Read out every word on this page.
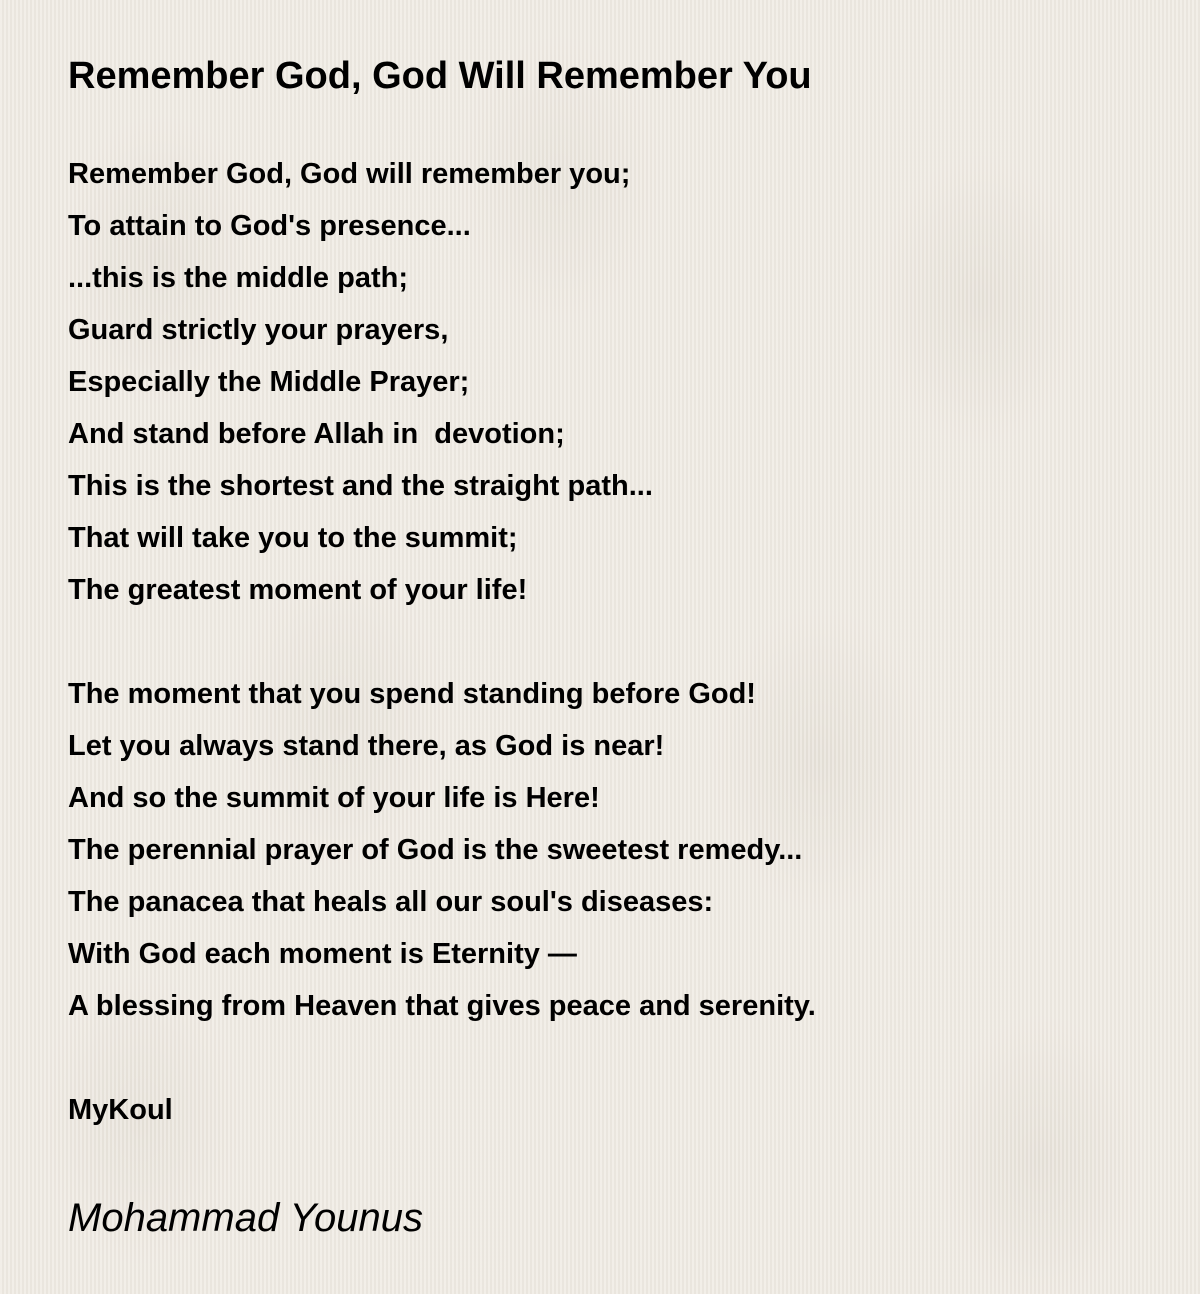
Remember God, God Will Remember You
Remember God, God will remember you;
To attain to God's presence...
...this is the middle path;
Guard strictly your prayers,
Especially the Middle Prayer;
And stand before Allah in  devotion;
This is the shortest and the straight path...
That will take you to the summit;
The greatest moment of your life!
The moment that you spend standing before God!
Let you always stand there, as God is near!
And so the summit of your life is Here!
The perennial prayer of God is the sweetest remedy...
The panacea that heals all our soul's diseases:
With God each moment is Eternity —
A blessing from Heaven that gives peace and serenity.
MyKoul

Mohammad Younus
